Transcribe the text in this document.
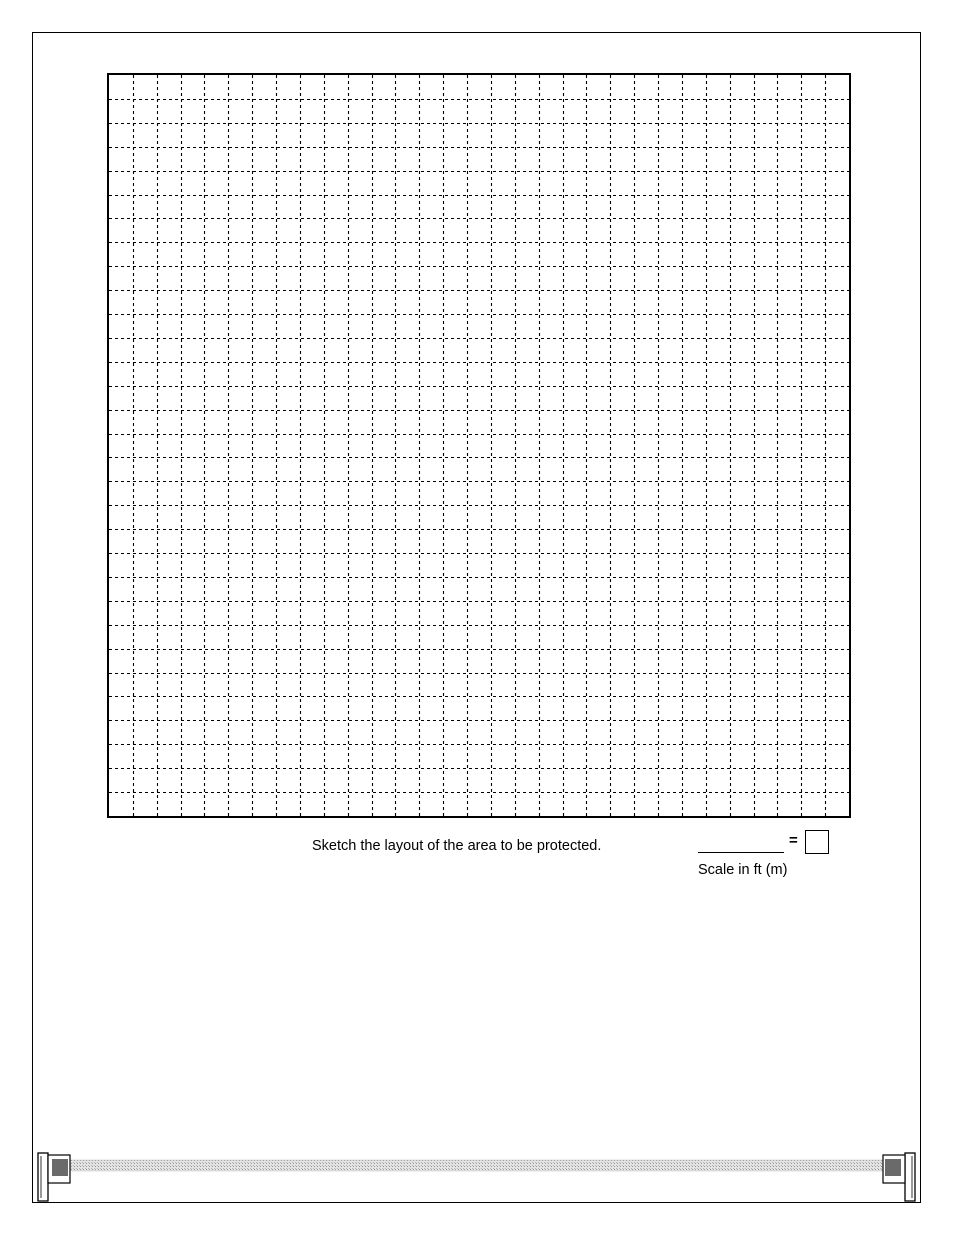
Sketch the layout of the area to be protected.	=
Scale in ft (m)
